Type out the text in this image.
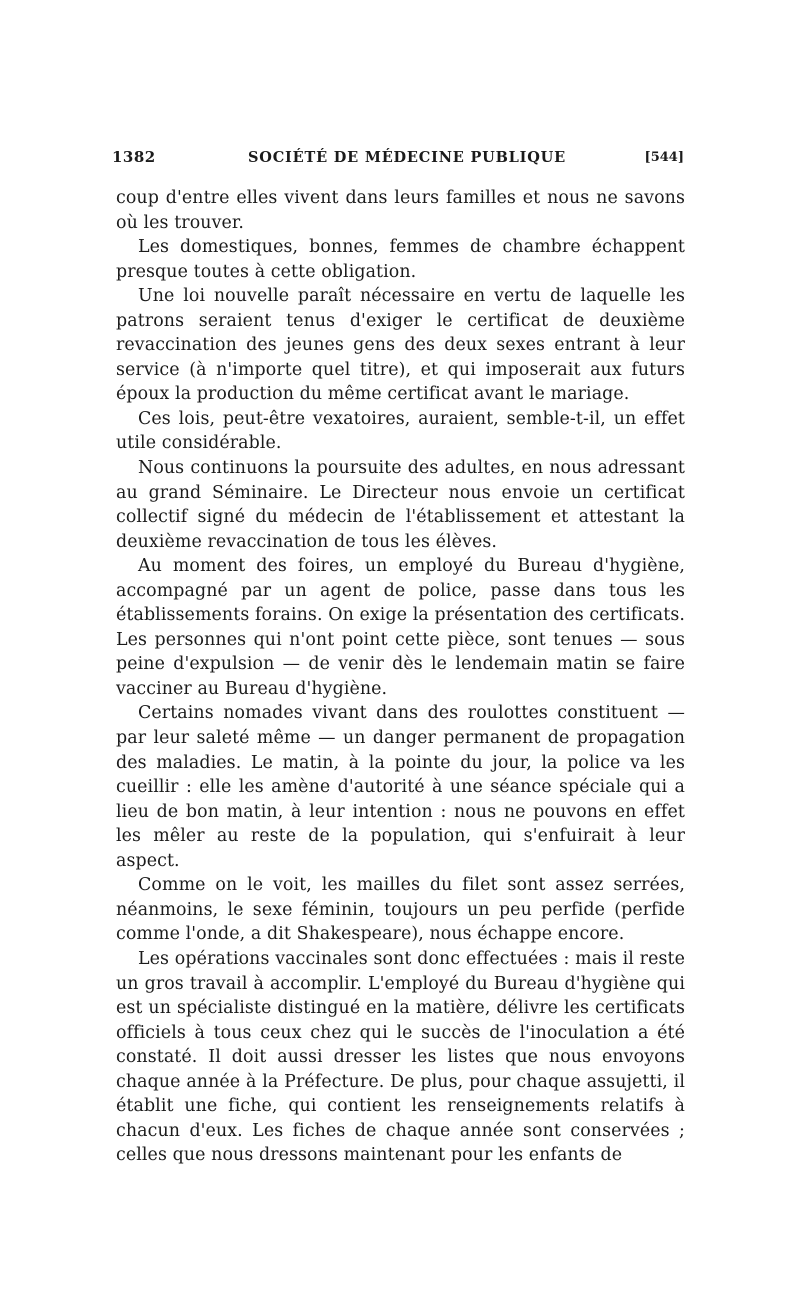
1382	SOCIÉTÉ DE MÉDECINE PUBLIQUE	[544]

coup d'entre elles vivent dans leurs familles et nous ne savons où les trouver.

Les domestiques, bonnes, femmes de chambre échappent presque toutes à cette obligation.

Une loi nouvelle paraît nécessaire en vertu de laquelle les patrons seraient tenus d'exiger le certificat de deuxième revaccination des jeunes gens des deux sexes entrant à leur service (à n'importe quel titre), et qui imposerait aux futurs époux la production du même certificat avant le mariage.

Ces lois, peut-être vexatoires, auraient, semble-t-il, un effet utile considérable.

Nous continuons la poursuite des adultes, en nous adressant au grand Séminaire. Le Directeur nous envoie un certificat collectif signé du médecin de l'établissement et attestant la deuxième revaccination de tous les élèves.

Au moment des foires, un employé du Bureau d'hygiène, accompagné par un agent de police, passe dans tous les établissements forains. On exige la présentation des certificats. Les personnes qui n'ont point cette pièce, sont tenues — sous peine d'expulsion — de venir dès le lendemain matin se faire vacciner au Bureau d'hygiène.

Certains nomades vivant dans des roulottes constituent — par leur saleté même — un danger permanent de propagation des maladies. Le matin, à la pointe du jour, la police va les cueillir : elle les amène d'autorité à une séance spéciale qui a lieu de bon matin, à leur intention : nous ne pouvons en effet les mêler au reste de la population, qui s'enfuirait à leur aspect.

Comme on le voit, les mailles du filet sont assez serrées, néanmoins, le sexe féminin, toujours un peu perfide (perfide comme l'onde, a dit Shakespeare), nous échappe encore.

Les opérations vaccinales sont donc effectuées : mais il reste un gros travail à accomplir. L'employé du Bureau d'hygiène qui est un spécialiste distingué en la matière, délivre les certificats officiels à tous ceux chez qui le succès de l'inoculation a été constaté. Il doit aussi dresser les listes que nous envoyons chaque année à la Préfecture. De plus, pour chaque assujetti, il établit une fiche, qui contient les renseignements relatifs à chacun d'eux. Les fiches de chaque année sont conservées ; celles que nous dressons maintenant pour les enfants de
